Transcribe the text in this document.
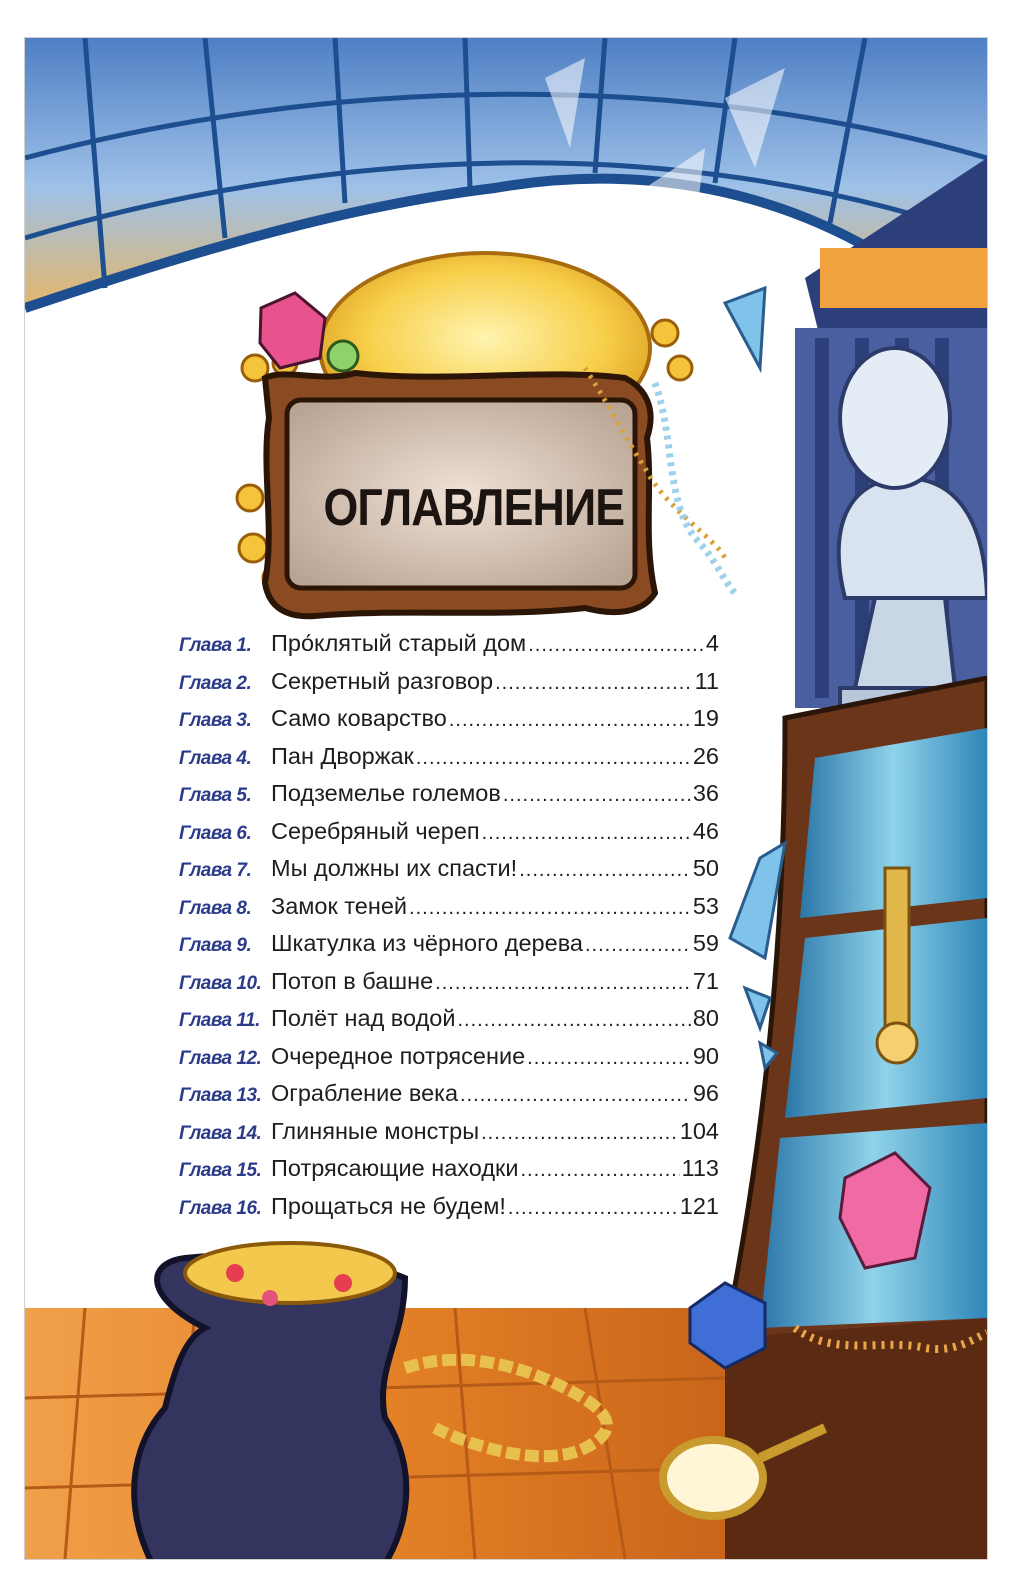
ОГЛАВЛЕНИЕ
Глава 1. Про́клятый старый дом .....	4
Глава 2. Секретный разговор .....	11
Глава 3. Само коварство .....	19
Глава 4. Пан Дворжак .....	26
Глава 5. Подземелье големов .....	36
Глава 6. Серебряный череп .....	46
Глава 7. Мы должны их спасти! .....	50
Глава 8. Замок теней .....	53
Глава 9. Шкатулка из чёрного дерева .....	59
Глава 10. Потоп в башне .....	71
Глава 11. Полёт над водой .....	80
Глава 12. Очередное потрясение .....	90
Глава 13. Ограбление века .....	96
Глава 14. Глиняные монстры .....	104
Глава 15. Потрясающие находки .....	113
Глава 16. Прощаться не будем! .....	121
